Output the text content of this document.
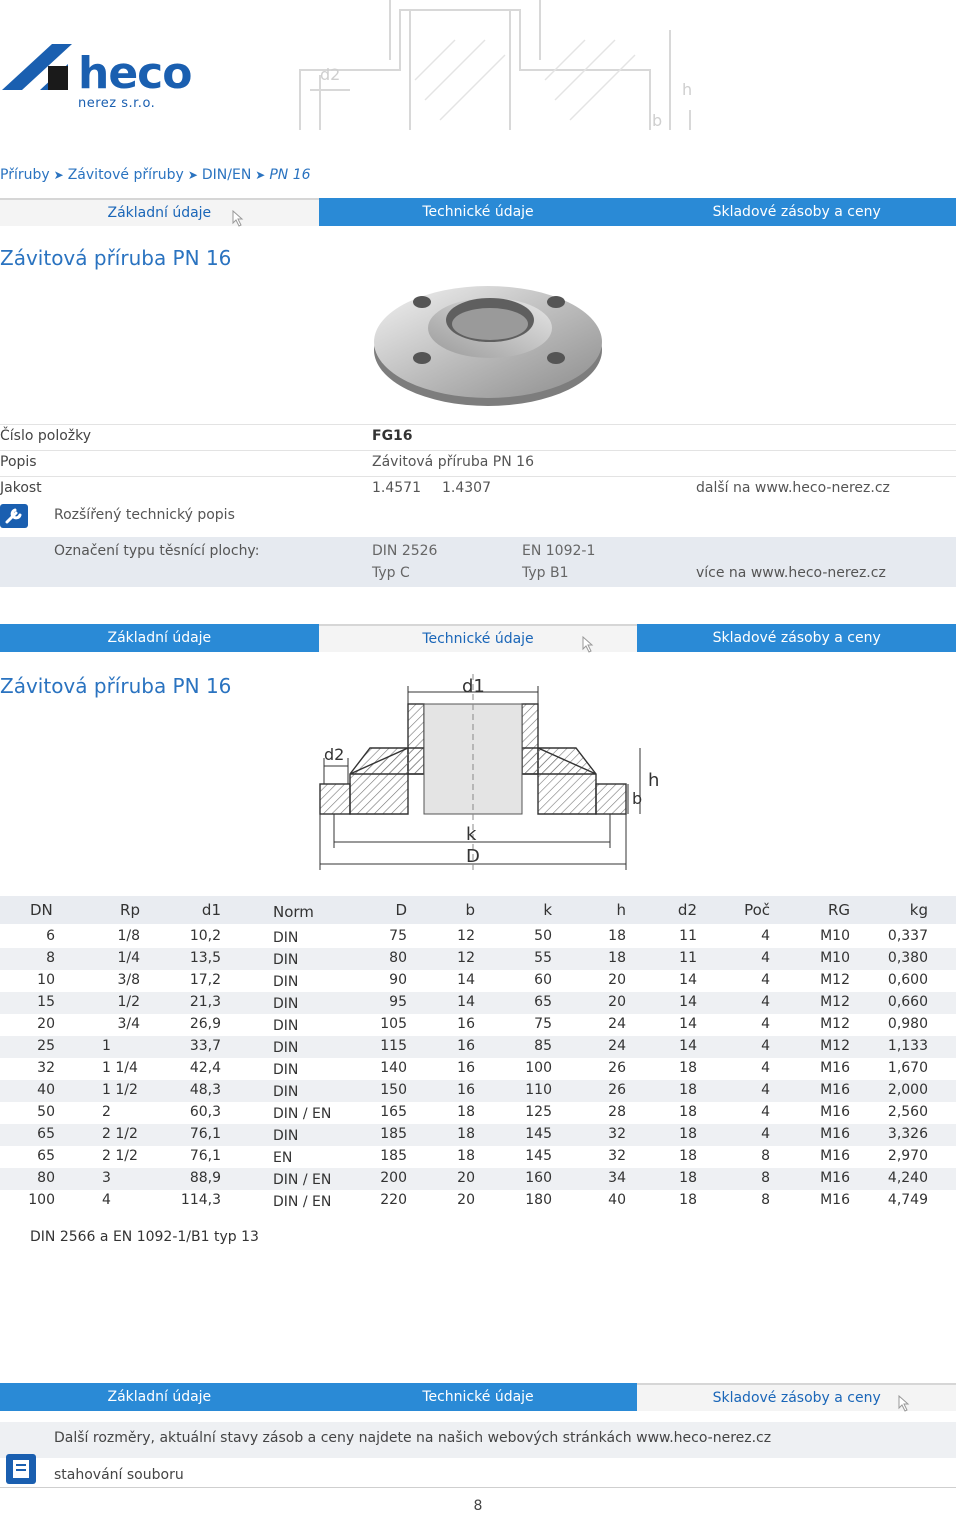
heco
nerez s.r.o.
d2
h
b
Příruby ➤ Závitové příruby ➤ DIN/EN ➤ PN 16
Základní údaje	Technické údaje	Skladové zásoby a ceny
Závitová příruba PN 16
Číslo položky	FG16
Popis	Závitová příruba PN 16
Jakost	1.4571 1.4307	další na www.heco-nerez.cz
Rozšířený technický popis
Označení typu těsnící plochy:	DIN 2526	EN 1092-1
Typ C	Typ B1	více na www.heco-nerez.cz
Základní údaje	Technické údaje	Skladové zásoby a ceny
Závitová příruba PN 16	d1
d2
h
b
k
D
DN	Rp	d1	Norm	D	b	k	h	d2	Poč	RG	kg
6	1/8	10,2	DIN	75	12	50	18	11	4	M10	0,337
8	1/4	13,5	DIN	80	12	55	18	11	4	M10	0,380
10	3/8	17,2	DIN	90	14	60	20	14	4	M12	0,600
15	1/2	21,3	DIN	95	14	65	20	14	4	M12	0,660
20	3/4	26,9	DIN	105	16	75	24	14	4	M12	0,980
25	1	33,7	DIN	115	16	85	24	14	4	M12	1,133
32	1 1/4	42,4	DIN	140	16	100	26	18	4	M16	1,670
40	1 1/2	48,3	DIN	150	16	110	26	18	4	M16	2,000
50	2	60,3	DIN / EN	165	18	125	28	18	4	M16	2,560
65	2 1/2	76,1	DIN	185	18	145	32	18	4	M16	3,326
65	2 1/2	76,1	EN	185	18	145	32	18	8	M16	2,970
80	3	88,9	DIN / EN	200	20	160	34	18	8	M16	4,240
100	4	114,3	DIN / EN	220	20	180	40	18	8	M16	4,749
DIN 2566 a EN 1092-1/B1 typ 13
Základní údaje	Technické údaje	Skladové zásoby a ceny
Další rozměry, aktuální stavy zásob a ceny najdete na našich webových stránkách www.heco-nerez.cz
stahování souboru
8
